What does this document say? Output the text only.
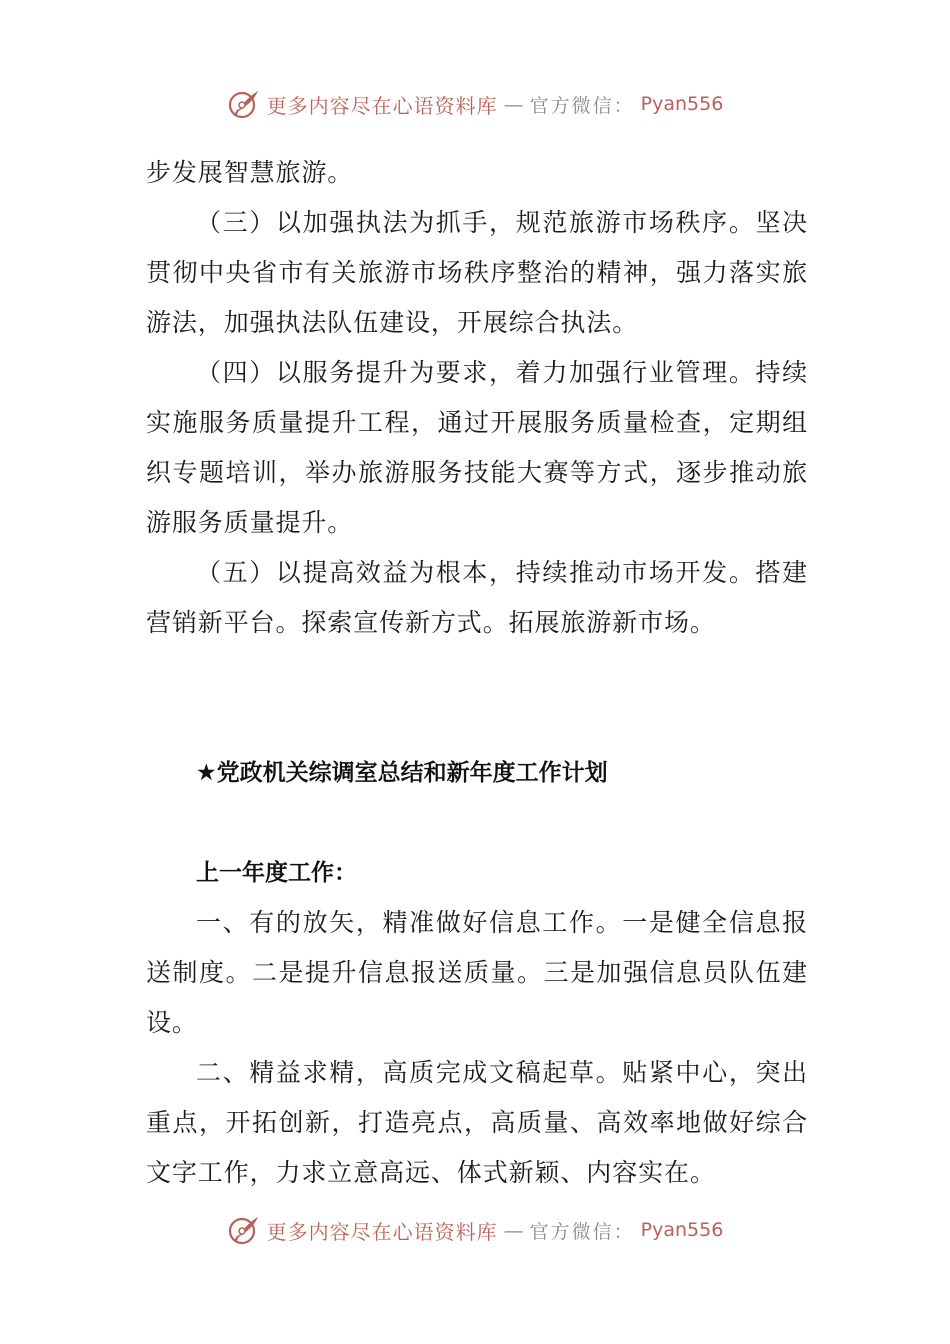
更多内容尽在心语资料库 — 官方微信： Pyan556

步发展智慧旅游。

（三）以加强执法为抓手，规范旅游市场秩序。坚决贯彻中央省市有关旅游市场秩序整治的精神，强力落实旅游法，加强执法队伍建设，开展综合执法。

（四）以服务提升为要求，着力加强行业管理。持续实施服务质量提升工程，通过开展服务质量检查，定期组织专题培训，举办旅游服务技能大赛等方式，逐步推动旅游服务质量提升。

（五）以提高效益为根本，持续推动市场开发。搭建营销新平台。探索宣传新方式。拓展旅游新市场。

★党政机关综调室总结和新年度工作计划
上一年度工作：

一、有的放矢，精准做好信息工作。一是健全信息报送制度。二是提升信息报送质量。三是加强信息员队伍建设。

二、精益求精，高质完成文稿起草。贴紧中心，突出重点，开拓创新，打造亮点，高质量、高效率地做好综合文字工作，力求立意高远、体式新颖、内容实在。

更多内容尽在心语资料库 — 官方微信： Pyan556
